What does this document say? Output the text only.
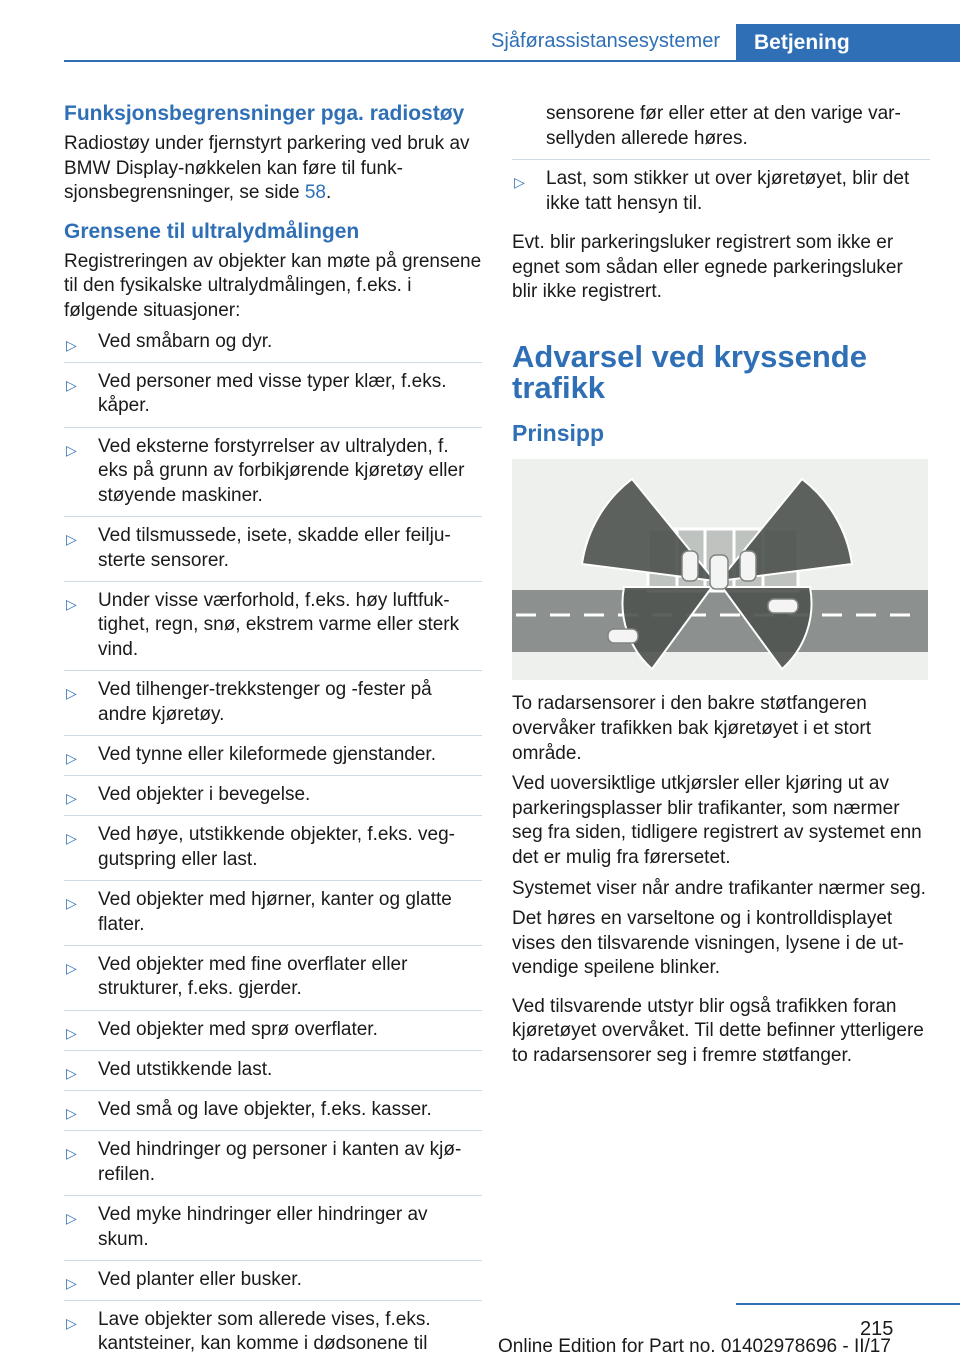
Sjåførassistansesystemer Betjening
Funksjonsbegrensninger pga. radiostøy

Radiostøy under fjernstyrt parkering ved bruk av BMW Display-nøkkelen kan føre til funksjonsbegrensninger, se side 58.

Grensene til ultralydmålingen

Registreringen av objekter kan møte på grensene til den fysikalske ultralydmålingen, f.eks. i følgende situasjoner:

▷ Ved småbarn og dyr.
▷ Ved personer med visse typer klær, f.eks. kåper.
▷ Ved eksterne forstyrrelser av ultralyden, f. eks på grunn av forbikjørende kjøretøy eller støyende maskiner.
▷ Ved tilsmussede, isete, skadde eller feiljusterte sensorer.
▷ Under visse værforhold, f.eks. høy luftfuktighet, regn, snø, ekstrem varme eller sterk vind.
▷ Ved tilhenger-trekkstenger og -fester på andre kjøretøy.
▷ Ved tynne eller kileformede gjenstander.
▷ Ved objekter i bevegelse.
▷ Ved høye, utstikkende objekter, f.eks. veggutspring eller last.
▷ Ved objekter med hjørner, kanter og glatte flater.
▷ Ved objekter med fine overflater eller strukturer, f.eks. gjerder.
▷ Ved objekter med sprø overflater.
▷ Ved utstikkende last.
▷ Ved små og lave objekter, f.eks. kasser.
▷ Ved hindringer og personer i kanten av kjørefilen.
▷ Ved myke hindringer eller hindringer av skum.
▷ Ved planter eller busker.
▷ Lave objekter som allerede vises, f.eks. kantsteiner, kan komme i dødsonene til

sensorene før eller etter at den varige varsellyden allerede høres.

▷ Last, som stikker ut over kjøretøyet, blir det ikke tatt hensyn til.

Evt. blir parkeringsluker registrert som ikke er egnet som sådan eller egnede parkeringsluker blir ikke registrert.

Advarsel ved kryssende trafikk
Prinsipp

To radarsensorer i den bakre støtfangeren overvåker trafikken bak kjøretøyet i et stort område.

Ved uoversiktlige utkjørsler eller kjøring ut av parkeringsplasser blir trafikanter, som nærmer seg fra siden, tidligere registrert av systemet enn det er mulig fra førersetet.

Systemet viser når andre trafikanter nærmer seg.

Det høres en varseltone og i kontrolldisplayet vises den tilsvarende visningen, lysene i de utvendige speilene blinker.

Ved tilsvarende utstyr blir også trafikken foran kjøretøyet overvåket. Til dette befinner ytterligere to radarsensorer seg i fremre støtfanger.

215
Online Edition for Part no. 01402978696 - II/17
